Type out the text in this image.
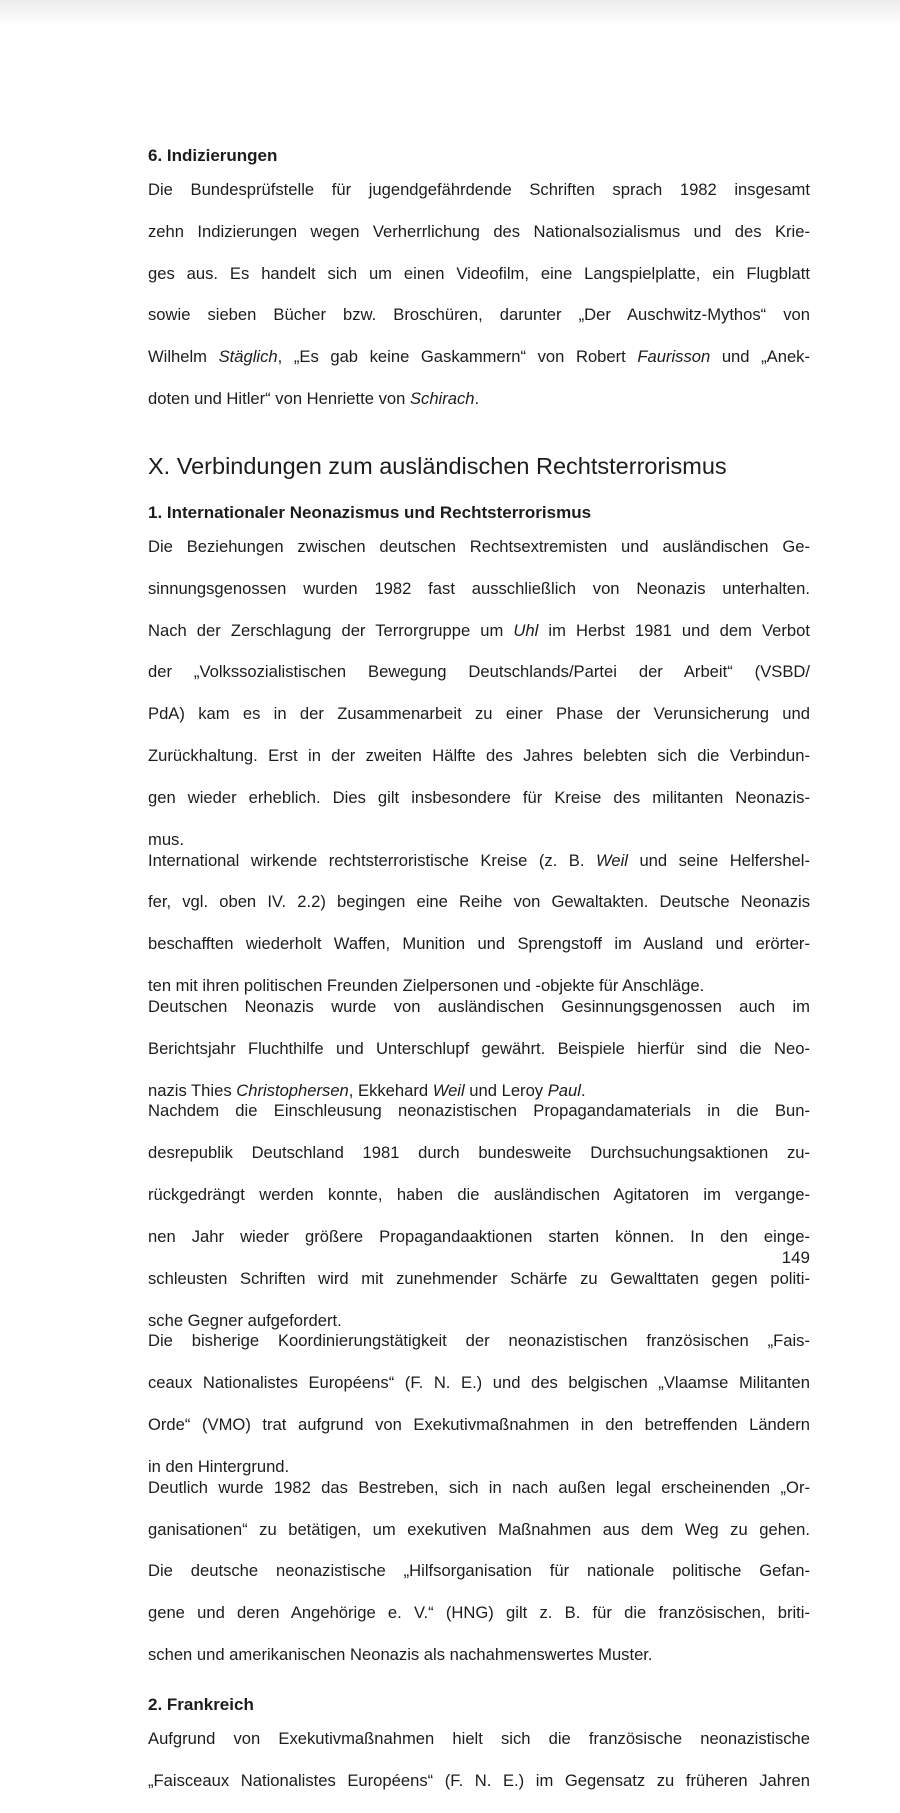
6. Indizierungen

Die Bundesprüfstelle für jugendgefährdende Schriften sprach 1982 insgesamt

zehn Indizierungen wegen Verherrlichung des Nationalsozialismus und des Krie-

ges aus. Es handelt sich um einen Videofilm, eine Langspielplatte, ein Flugblatt

sowie sieben Bücher bzw. Broschüren, darunter „Der Auschwitz-Mythos“ von

Wilhelm Stäglich, „Es gab keine Gaskammern“ von Robert Faurisson und „Anek-

doten und Hitler“ von Henriette von Schirach.

X. Verbindungen zum ausländischen Rechtsterrorismus
1. Internationaler Neonazismus und Rechtsterrorismus

Die Beziehungen zwischen deutschen Rechtsextremisten und ausländischen Ge-

sinnungsgenossen wurden 1982 fast ausschließlich von Neonazis unterhalten.

Nach der Zerschlagung der Terrorgruppe um Uhl im Herbst 1981 und dem Verbot

der „Volkssozialistischen Bewegung Deutschlands/Partei der Arbeit“ (VSBD/

PdA) kam es in der Zusammenarbeit zu einer Phase der Verunsicherung und

Zurückhaltung. Erst in der zweiten Hälfte des Jahres belebten sich die Verbindun-

gen wieder erheblich. Dies gilt insbesondere für Kreise des militanten Neonazis-

mus.

International wirkende rechtsterroristische Kreise (z. B. Weil und seine Helfershel-

fer, vgl. oben IV. 2.2) begingen eine Reihe von Gewaltakten. Deutsche Neonazis

beschafften wiederholt Waffen, Munition und Sprengstoff im Ausland und erörter-

ten mit ihren politischen Freunden Zielpersonen und -objekte für Anschläge.

Deutschen Neonazis wurde von ausländischen Gesinnungsgenossen auch im

Berichtsjahr Fluchthilfe und Unterschlupf gewährt. Beispiele hierfür sind die Neo-

nazis Thies Christophersen, Ekkehard Weil und Leroy Paul.

Nachdem die Einschleusung neonazistischen Propagandamaterials in die Bun-

desrepublik Deutschland 1981 durch bundesweite Durchsuchungsaktionen zu-

rückgedrängt werden konnte, haben die ausländischen Agitatoren im vergange-

nen Jahr wieder größere Propagandaaktionen starten können. In den einge-

schleusten Schriften wird mit zunehmender Schärfe zu Gewalttaten gegen politi-

sche Gegner aufgefordert.

Die bisherige Koordinierungstätigkeit der neonazistischen französischen „Fais-

ceaux Nationalistes Européens“ (F. N. E.) und des belgischen „Vlaamse Militanten

Orde“ (VMO) trat aufgrund von Exekutivmaßnahmen in den betreffenden Ländern

in den Hintergrund.

Deutlich wurde 1982 das Bestreben, sich in nach außen legal erscheinenden „Or-

ganisationen“ zu betätigen, um exekutiven Maßnahmen aus dem Weg zu gehen.

Die deutsche neonazistische „Hilfsorganisation für nationale politische Gefan-

gene und deren Angehörige e. V.“ (HNG) gilt z. B. für die französischen, briti-

schen und amerikanischen Neonazis als nachahmenswertes Muster.

2. Frankreich

Aufgrund von Exekutivmaßnahmen hielt sich die französische neonazistische

„Faisceaux Nationalistes Européens“ (F. N. E.) im Gegensatz zu früheren Jahren

149
